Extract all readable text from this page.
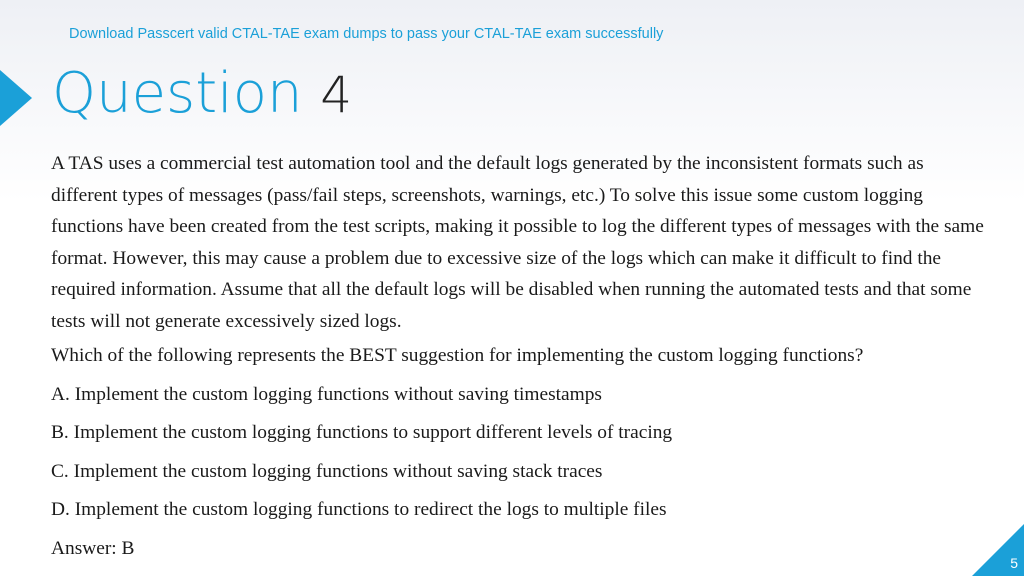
Download Passcert valid CTAL-TAE exam dumps to pass your CTAL-TAE exam successfully
Question 4

A TAS uses a commercial test automation tool and the default logs generated by the inconsistent formats such as different types of messages (pass/fail steps, screenshots, warnings, etc.) To solve this issue some custom logging functions have been created from the test scripts, making it possible to log the different types of messages with the same format. However, this may cause a problem due to excessive size of the logs which can make it difficult to find the required information. Assume that all the default logs will be disabled when running the automated tests and that some tests will not generate excessively sized logs.

Which of the following represents the BEST suggestion for implementing the custom logging functions?

A. Implement the custom logging functions without saving timestamps

B. Implement the custom logging functions to support different levels of tracing

C. Implement the custom logging functions without saving stack traces

D. Implement the custom logging functions to redirect the logs to multiple files

Answer: B

5
